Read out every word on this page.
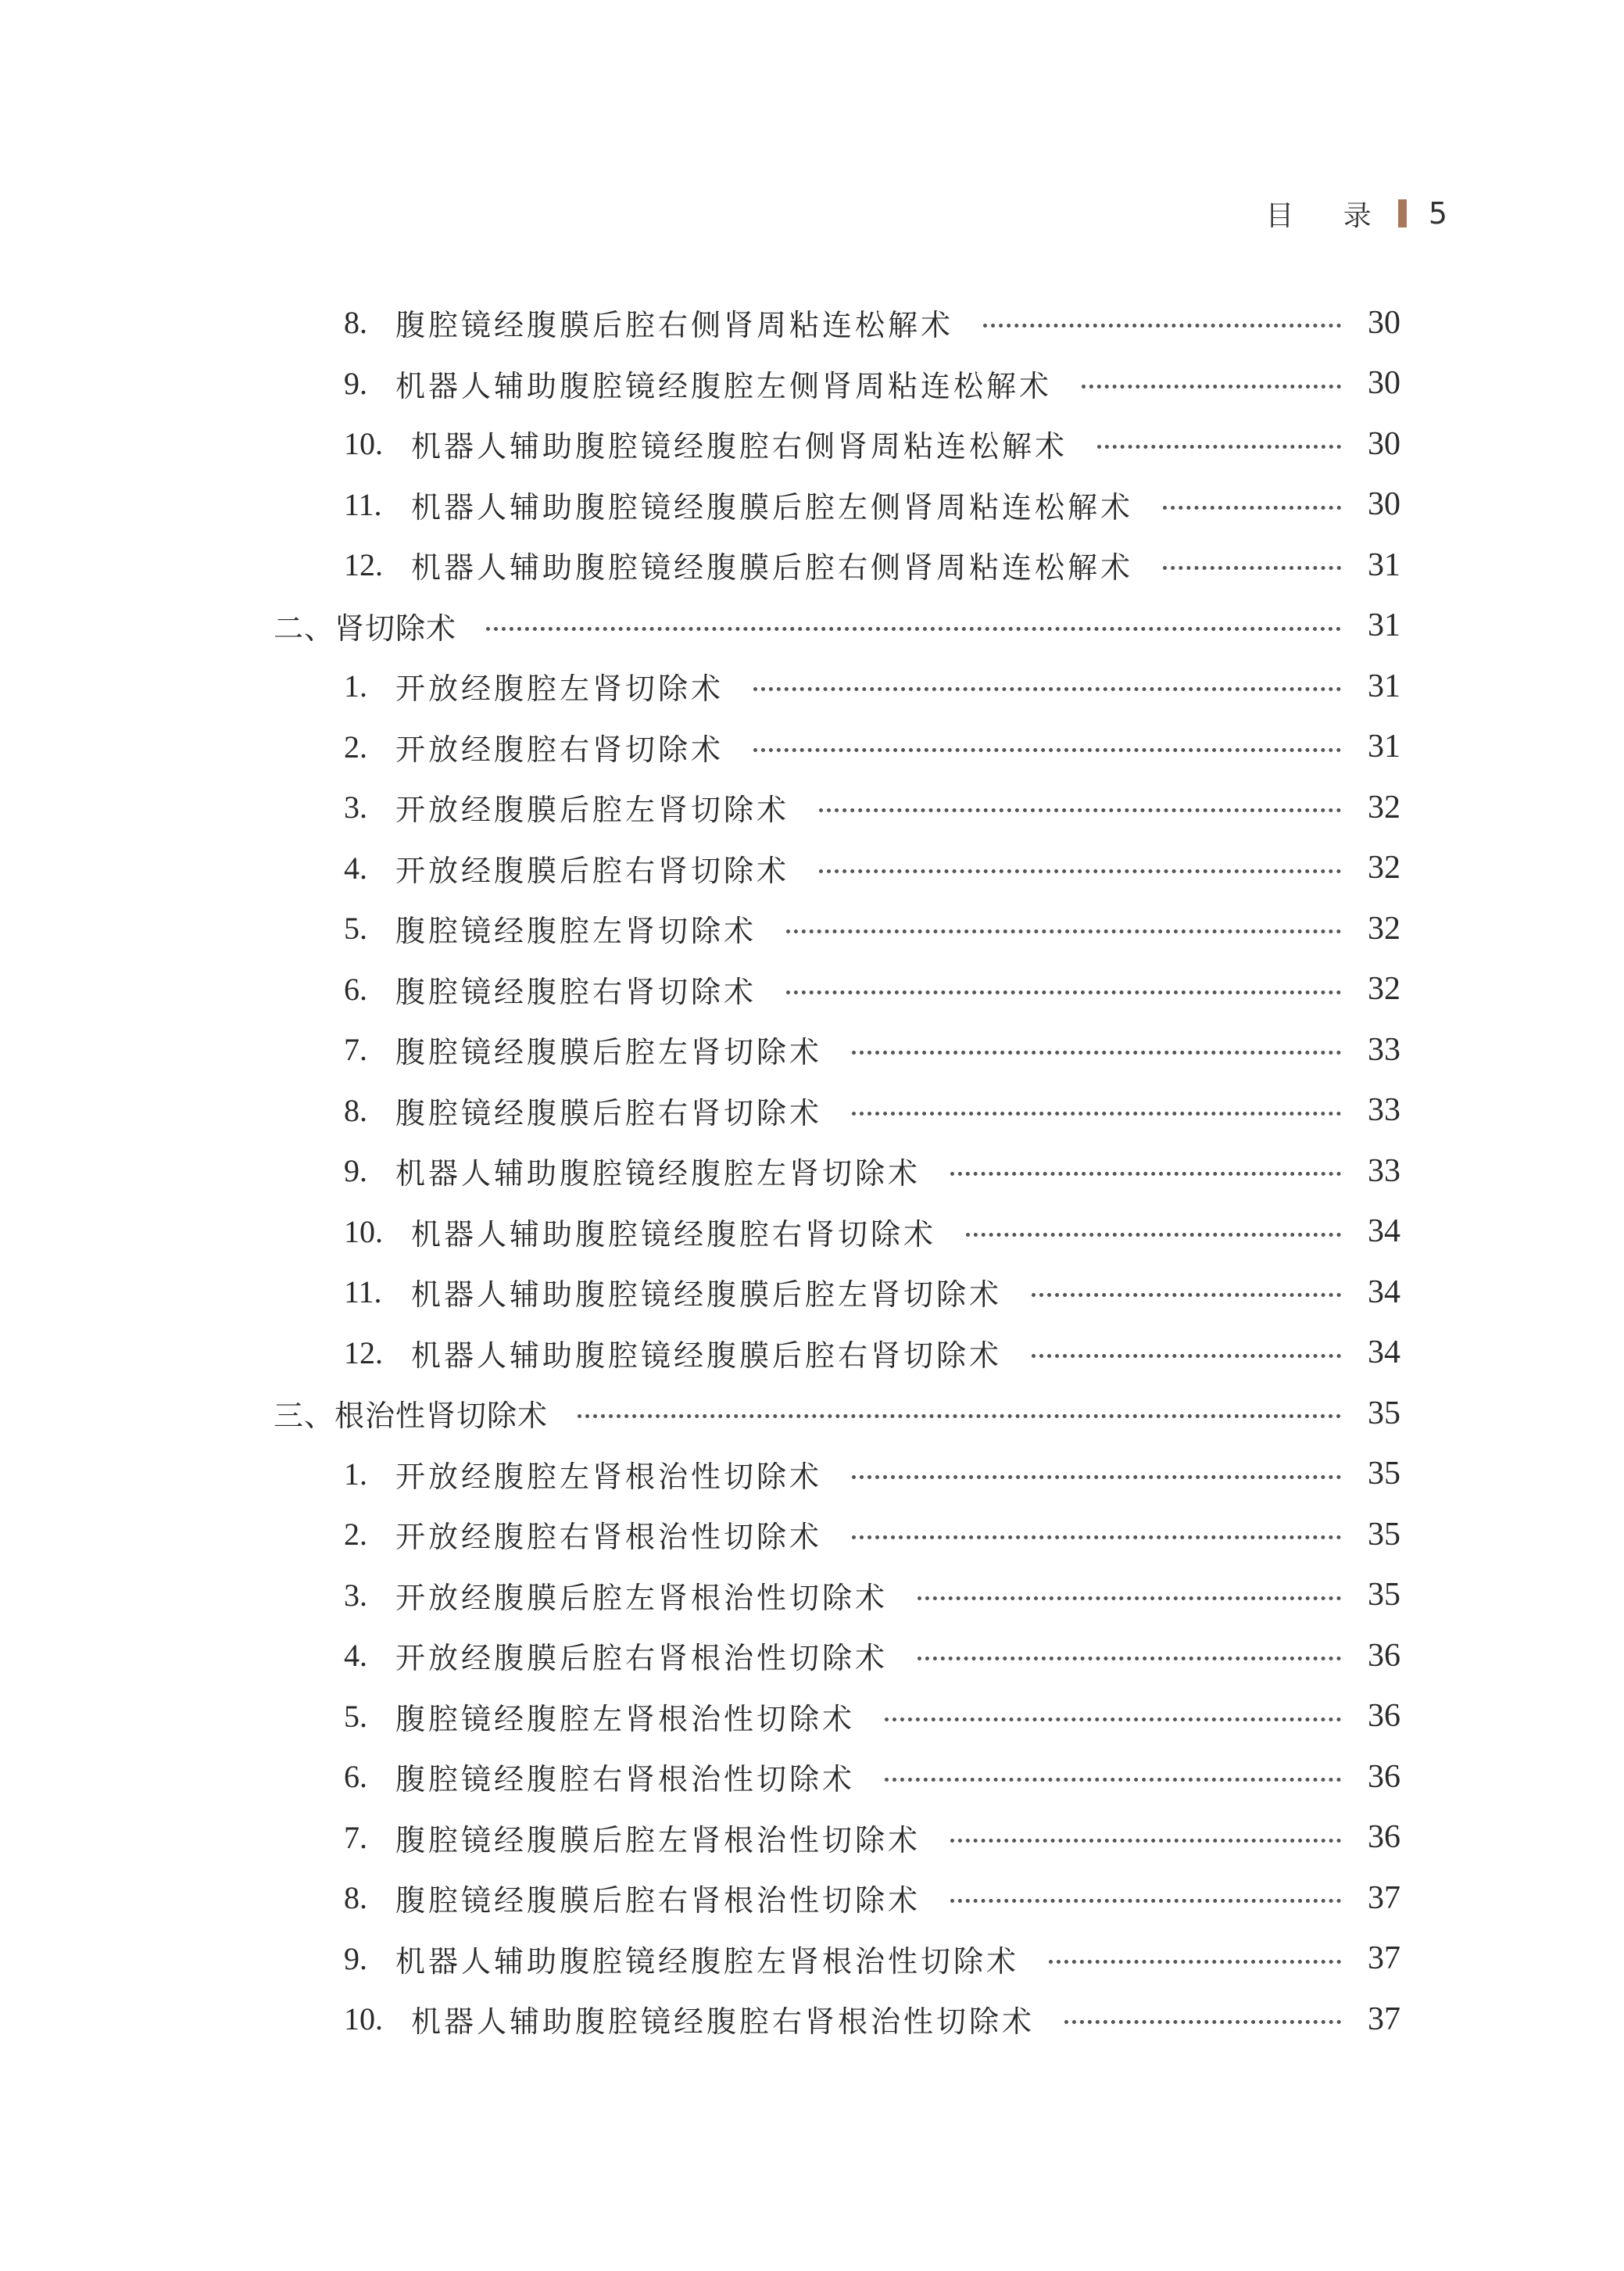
目 录 5
8. 腹腔镜经腹膜后腔右侧肾周粘连松解术	30
9. 机器人辅助腹腔镜经腹腔左侧肾周粘连松解术	30
10. 机器人辅助腹腔镜经腹腔右侧肾周粘连松解术	30
11. 机器人辅助腹腔镜经腹膜后腔左侧肾周粘连松解术	30
12. 机器人辅助腹腔镜经腹膜后腔右侧肾周粘连松解术	31
二、肾切除术	31
1. 开放经腹腔左肾切除术	31
2. 开放经腹腔右肾切除术	31
3. 开放经腹膜后腔左肾切除术	32
4. 开放经腹膜后腔右肾切除术	32
5. 腹腔镜经腹腔左肾切除术	32
6. 腹腔镜经腹腔右肾切除术	32
7. 腹腔镜经腹膜后腔左肾切除术	33
8. 腹腔镜经腹膜后腔右肾切除术	33
9. 机器人辅助腹腔镜经腹腔左肾切除术	33
10. 机器人辅助腹腔镜经腹腔右肾切除术	34
11. 机器人辅助腹腔镜经腹膜后腔左肾切除术	34
12. 机器人辅助腹腔镜经腹膜后腔右肾切除术	34
三、根治性肾切除术	35
1. 开放经腹腔左肾根治性切除术	35
2. 开放经腹腔右肾根治性切除术	35
3. 开放经腹膜后腔左肾根治性切除术	35
4. 开放经腹膜后腔右肾根治性切除术	36
5. 腹腔镜经腹腔左肾根治性切除术	36
6. 腹腔镜经腹腔右肾根治性切除术	36
7. 腹腔镜经腹膜后腔左肾根治性切除术	36
8. 腹腔镜经腹膜后腔右肾根治性切除术	37
9. 机器人辅助腹腔镜经腹腔左肾根治性切除术	37
10. 机器人辅助腹腔镜经腹腔右肾根治性切除术	37
